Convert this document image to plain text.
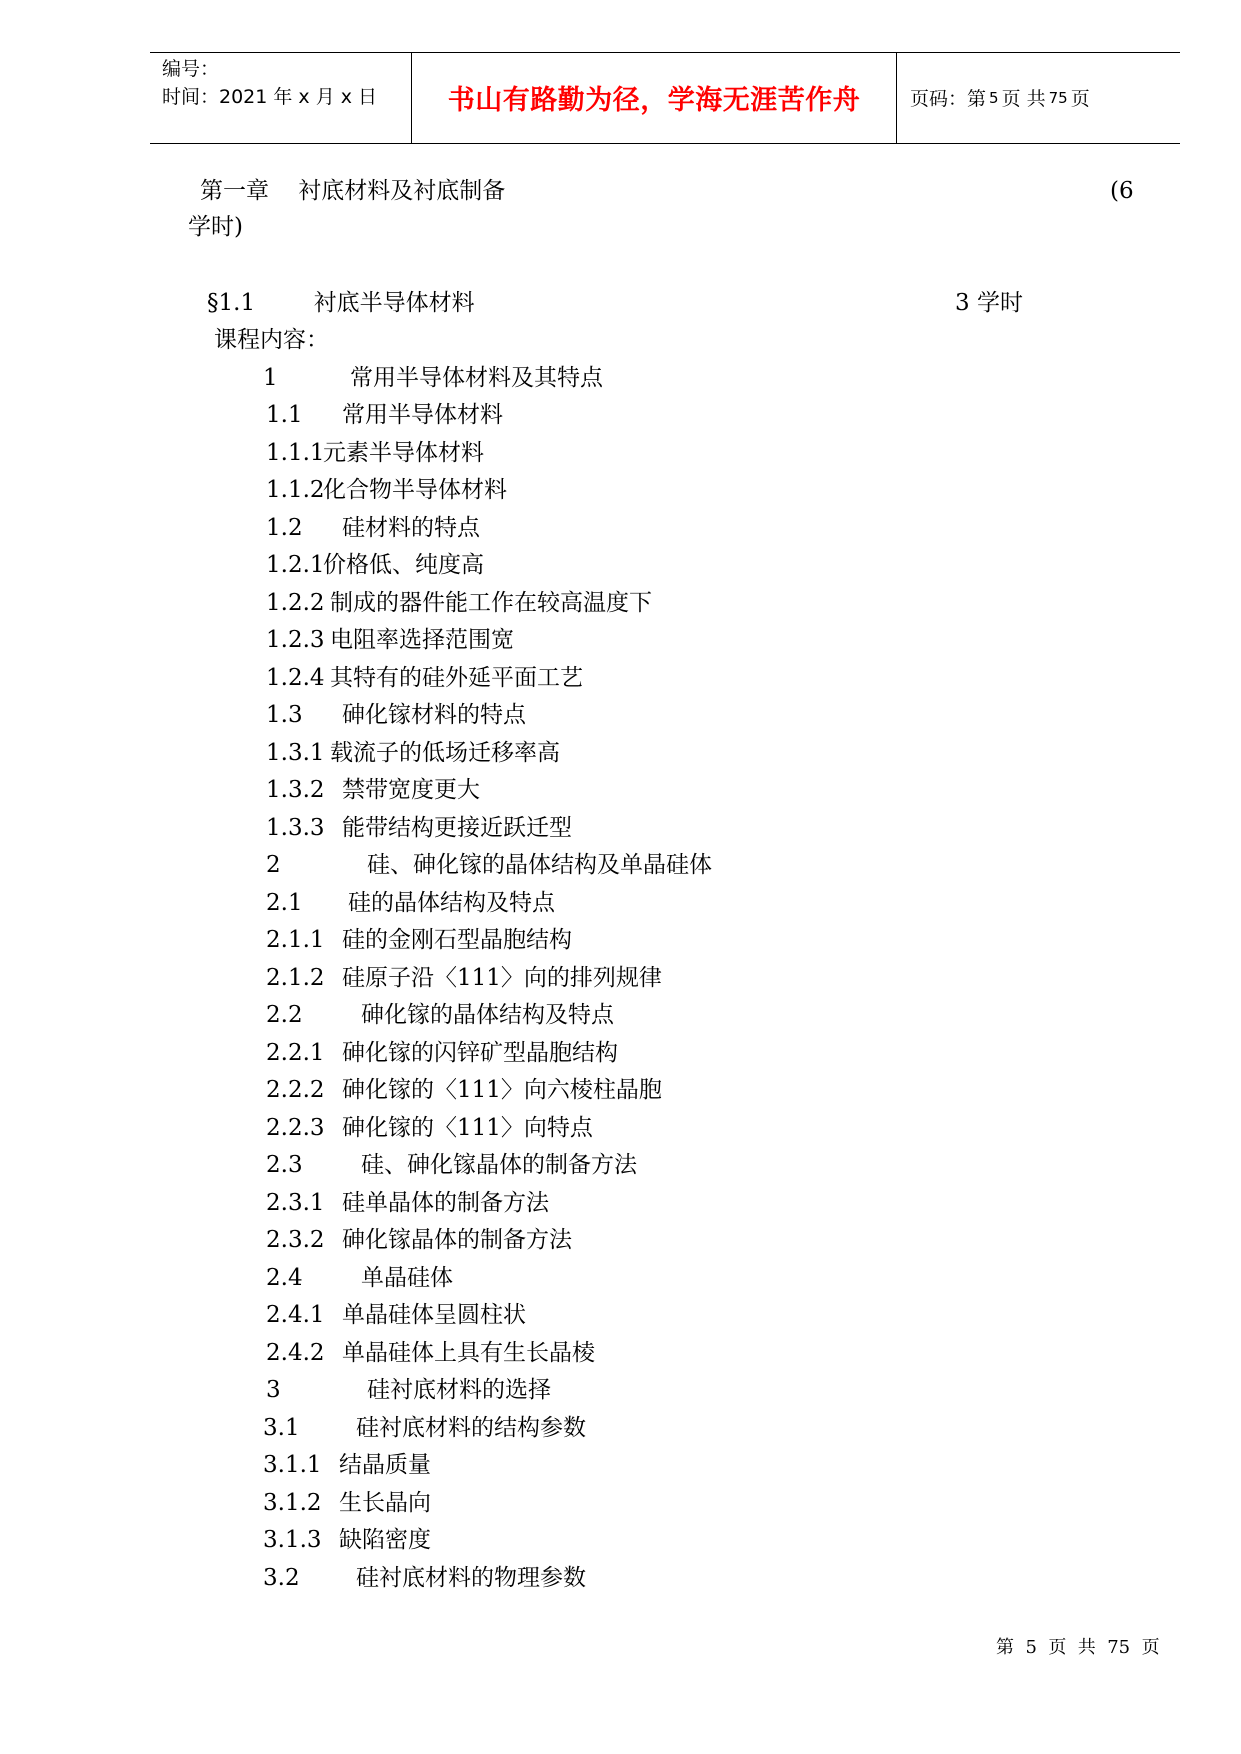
编号：
时间：2021 年 x 月 x 日	书山有路勤为径，学海无涯苦作舟	页码：第 5 页 共 75 页
第一章    衬底材料及衬底制备	(6
学时)
§1.1        衬底半导体材料	3 学时
课程内容：
1	常用半导体材料及其特点
1.1 常用半导体材料
1.1.1
元素半导体材料
1.1.2
化合物半导体材料
1.2 硅材料的特点
1.2.1
价格低、纯度高
1.2.2 制成的器件能工作在较高温度下
1.2.3 电阻率选择范围宽
1.2.4 其特有的硅外延平面工艺
1.3 砷化镓材料的特点
1.3.1 载流子的低场迁移率高
1.3.2 禁带宽度更大
1.3.3 能带结构更接近跃迁型
2	硅、砷化镓的晶体结构及单晶硅体
2.1 硅的晶体结构及特点
2.1.1 硅的金刚石型晶胞结构
2.1.2 硅原子沿〈111〉向的排列规律
2.2	砷化镓的晶体结构及特点
2.2.1 砷化镓的闪锌矿型晶胞结构
2.2.2 砷化镓的〈111〉向六棱柱晶胞
2.2.3 砷化镓的〈111〉向特点
2.3	硅、砷化镓晶体的制备方法
2.3.1 硅单晶体的制备方法
2.3.2 砷化镓晶体的制备方法
2.4	单晶硅体
2.4.1 单晶硅体呈圆柱状
2.4.2 单晶硅体上具有生长晶棱
3	硅衬底材料的选择
3.1 硅衬底材料的结构参数
3.1.1 结晶质量
3.1.2 生长晶向
3.1.3 缺陷密度
3.2 硅衬底材料的物理参数
第  5  页  共  75  页
